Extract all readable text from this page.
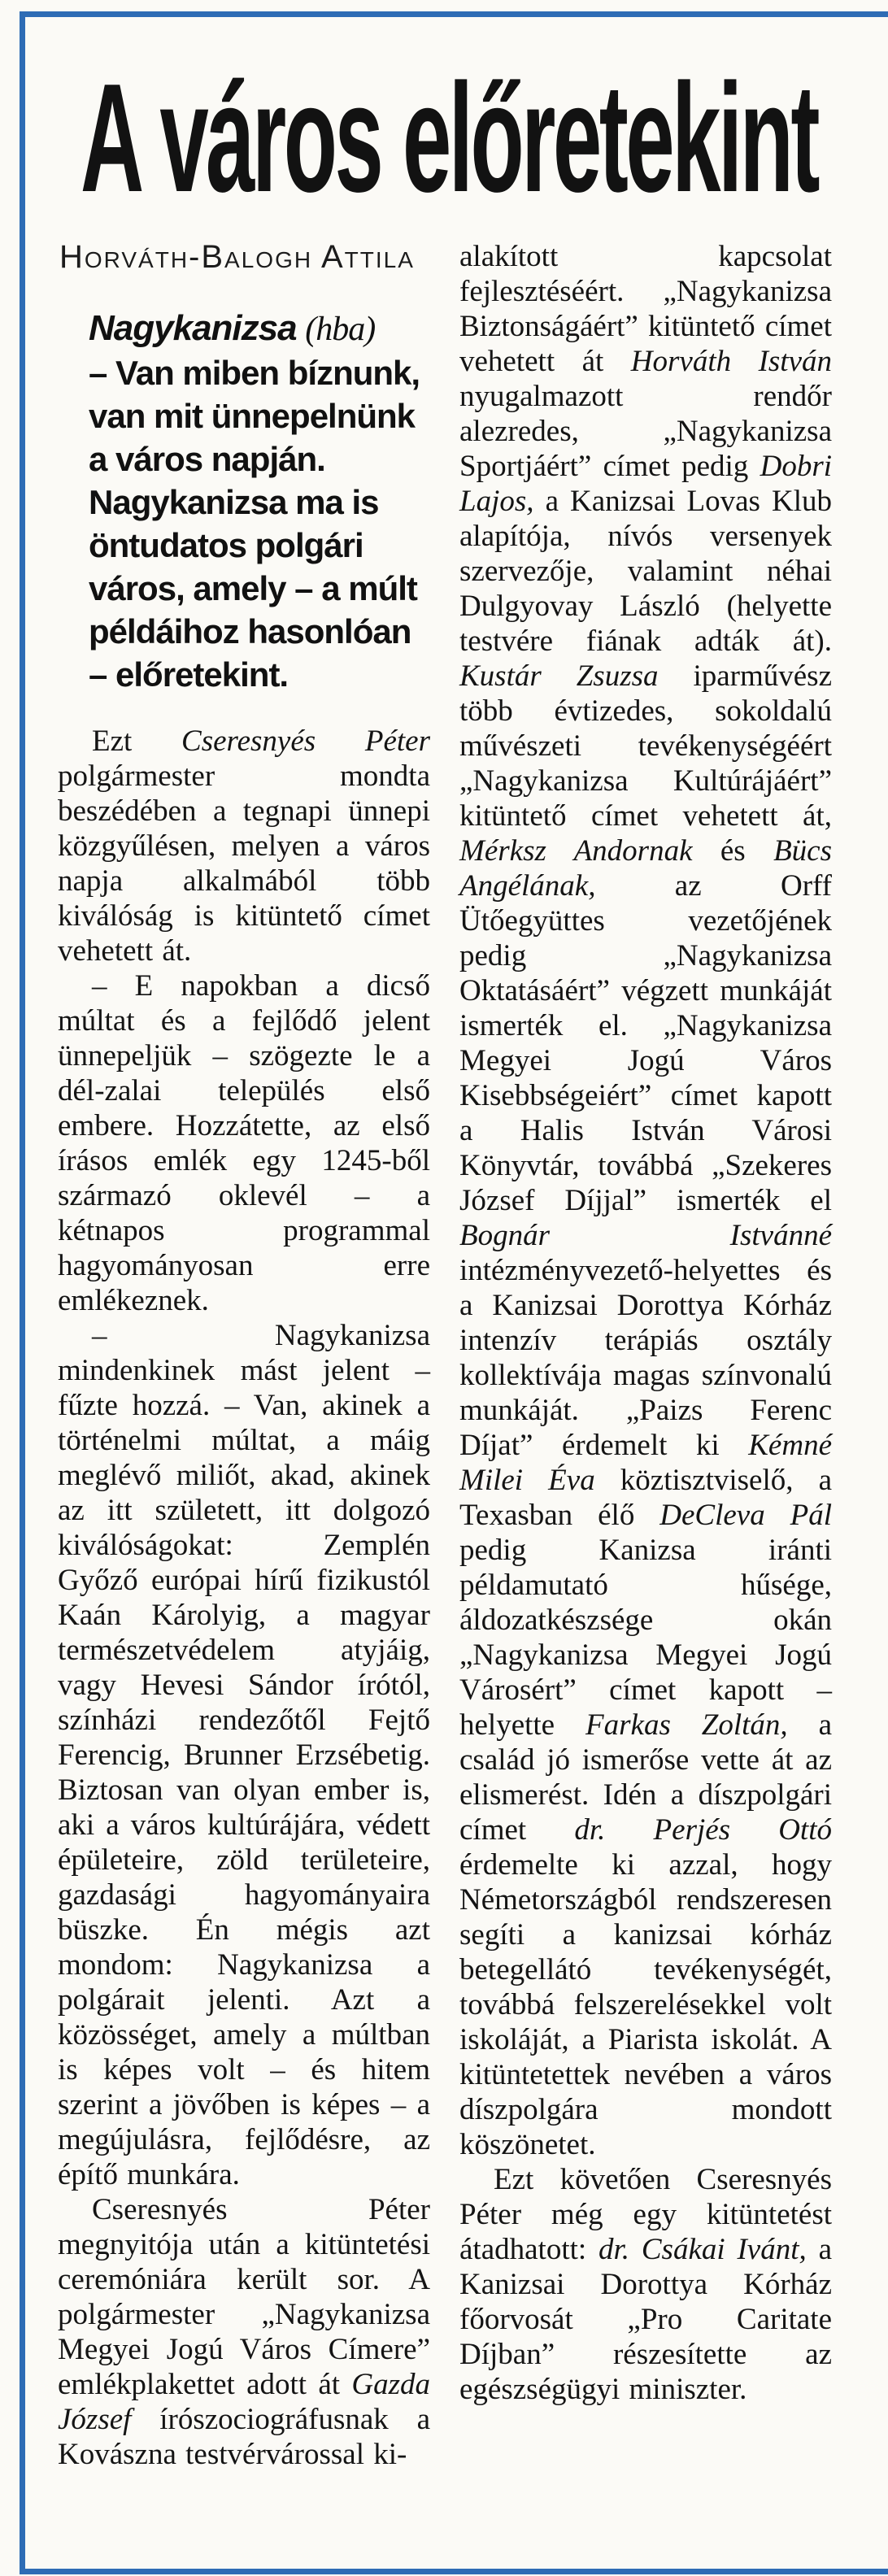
A város előretekint
Horváth-Balogh Attila

Nagykanizsa (hba)
– Van miben bíznunk, van mit ünnepelnünk a város napján. Nagykanizsa ma is öntudatos polgári város, amely – a múlt példáihoz hasonlóan – előretekint.

Ezt Cseresnyés Péter polgármester mondta beszédében a tegnapi ünnepi közgyűlésen, melyen a város napja alkalmából több kiválóság is kitüntető címet vehetett át.

– E napokban a dicső múltat és a fejlődő jelent ünnepeljük – szögezte le a dél-zalai település első embere. Hozzátette, az első írásos emlék egy 1245-ből származó oklevél – a kétnapos programmal hagyományosan erre emlékeznek.

– Nagykanizsa mindenkinek mást jelent – fűzte hozzá. – Van, akinek a történelmi múltat, a máig meglévő miliőt, akad, akinek az itt született, itt dolgozó kiválóságokat: Zemplén Győző európai hírű fizikustól Kaán Károlyig, a magyar természetvédelem atyjáig, vagy Hevesi Sándor írótól, színházi rendezőtől Fejtő Ferencig, Brunner Erzsébetig. Biztosan van olyan ember is, aki a város kultúrájára, védett épületeire, zöld területeire, gazdasági hagyományaira büszke. Én mégis azt mondom: Nagykanizsa a polgárait jelenti. Azt a közösséget, amely a múltban is képes volt – és hitem szerint a jövőben is képes – a megújulásra, fejlődésre, az építő munkára.

Cseresnyés Péter megnyitója után a kitüntetési ceremóniára került sor. A polgármester „Nagykanizsa Megyei Jogú Város Címere” emlékplakettet adott át Gazda József írószociográfusnak a Kovászna testvérvárossal ki-

alakított kapcsolat fejlesztéséért. „Nagykanizsa Biztonságáért” kitüntető címet vehetett át Horváth István nyugalmazott rendőr alezredes, „Nagykanizsa Sportjáért” címet pedig Dobri Lajos, a Kanizsai Lovas Klub alapítója, nívós versenyek szervezője, valamint néhai Dulgyovay László (helyette testvére fiának adták át). Kustár Zsuzsa iparművész több évtizedes, sokoldalú művészeti tevékenységéért „Nagykanizsa Kultúrájáért” kitüntető címet vehetett át, Mérksz Andornak és Bücs Angélának, az Orff Ütőegyüttes vezetőjének pedig „Nagykanizsa Oktatásáért” végzett munkáját ismerték el. „Nagykanizsa Megyei Jogú Város Kisebbségeiért” címet kapott a Halis István Városi Könyvtár, továbbá „Szekeres József Díjjal” ismerték el Bognár Istvánné intézményvezető-helyettes és a Kanizsai Dorottya Kórház intenzív terápiás osztály kollektívája magas színvonalú munkáját. „Paizs Ferenc Díjat” érdemelt ki Kémné Milei Éva köztisztviselő, a Texasban élő DeCleva Pál pedig Kanizsa iránti példamutató hűsége, áldozatkészsége okán „Nagykanizsa Megyei Jogú Városért” címet kapott – helyette Farkas Zoltán, a család jó ismerőse vette át az elismerést. Idén a díszpolgári címet dr. Perjés Ottó érdemelte ki azzal, hogy Németországból rendszeresen segíti a kanizsai kórház betegellátó tevékenységét, továbbá felszerelésekkel volt iskoláját, a Piarista iskolát. A kitüntetettek nevében a város díszpolgára mondott köszönetet.

Ezt követően Cseresnyés Péter még egy kitüntetést átadhatott: dr. Csákai Ivánt, a Kanizsai Dorottya Kórház főorvosát „Pro Caritate Díjban” részesítette az egészségügyi miniszter.
